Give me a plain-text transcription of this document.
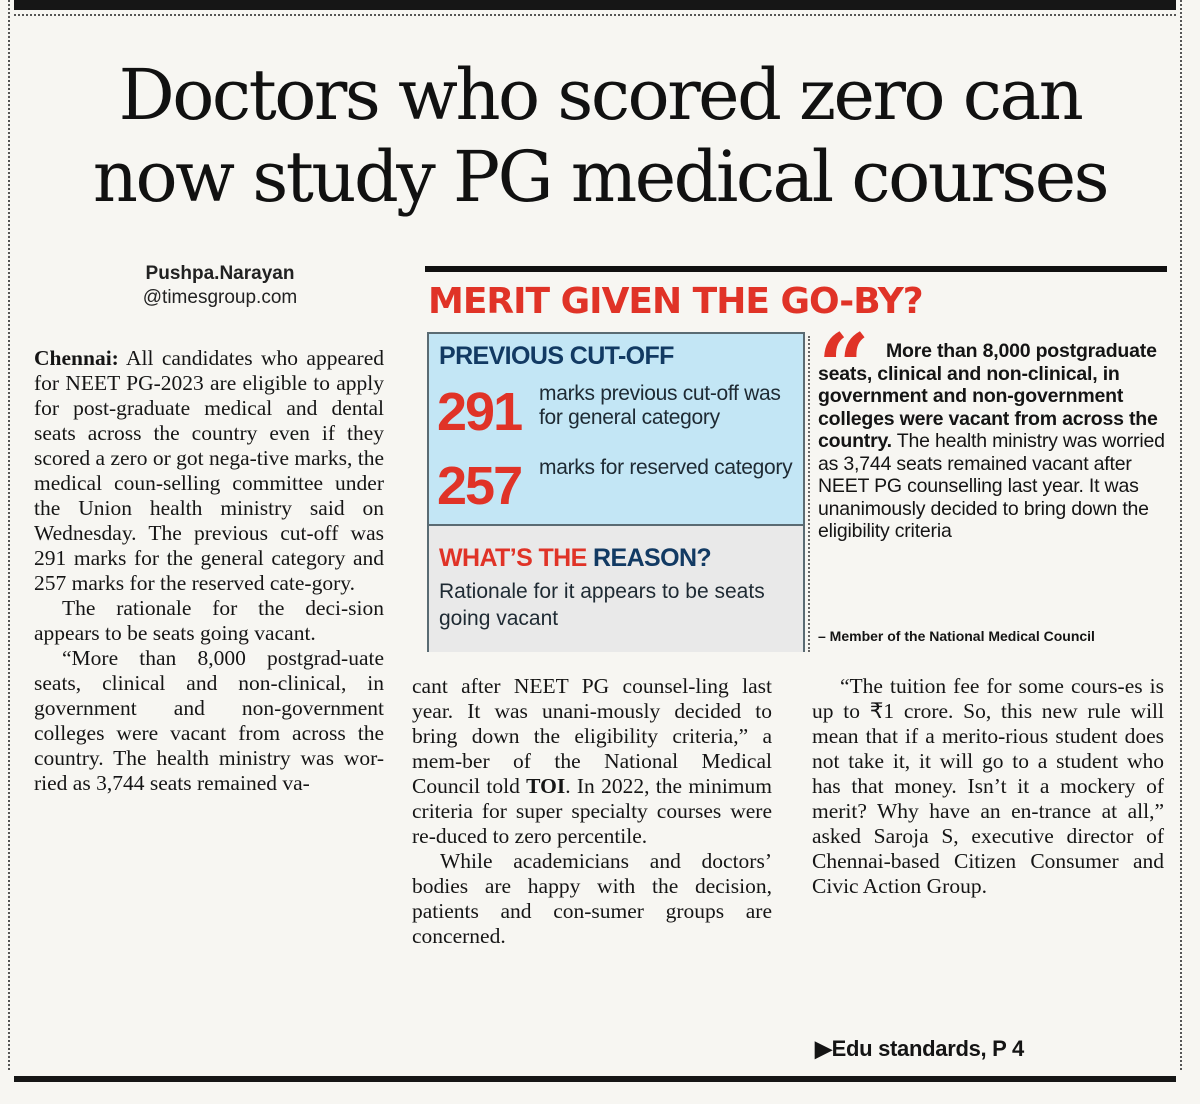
Doctors who scored zero can
now study PG medical courses
Pushpa.Narayan
@timesgroup.com

Chennai: All candidates who appeared for NEET PG-2023 are eligible to apply for post-graduate medical and dental seats across the country even if they scored a zero or got nega-tive marks, the medical coun-selling committee under the Union health ministry said on Wednesday. The previous cut-off was 291 marks for the general category and 257 marks for the reserved cate-gory.

The rationale for the deci-sion appears to be seats going vacant.

“More than 8,000 postgrad-uate seats, clinical and non-clinical, in government and non-government colleges were vacant from across the country. The health ministry was wor-ried as 3,744 seats remained va-

MERIT GIVEN THE GO-BY?
PREVIOUS CUT-OFF
291 marks previous cut-off was for general category
257 marks for reserved category
WHAT’S THE REASON?
Rationale for it appears to be seats going vacant
“ More than 8,000 postgraduate seats, clinical and non-clinical, in government and non-government colleges were vacant from across the country. The health ministry was worried as 3,744 seats remained vacant after NEET PG counselling last year. It was unanimously decided to bring down the eligibility criteria

– Member of the National Medical Council

cant after NEET PG counsel-ling last year. It was unani-mously decided to bring down the eligibility criteria,” a mem-ber of the National Medical Council told TOI. In 2022, the minimum criteria for super specialty courses were re-duced to zero percentile.

While academicians and doctors’ bodies are happy with the decision, patients and con-sumer groups are concerned.

“The tuition fee for some cours-es is up to ₹1 crore. So, this new rule will mean that if a merito-rious student does not take it, it will go to a student who has that money. Isn’t it a mockery of merit? Why have an en-trance at all,” asked Saroja S, executive director of Chennai-based Citizen Consumer and Civic Action Group.

▶Edu standards, P 4
